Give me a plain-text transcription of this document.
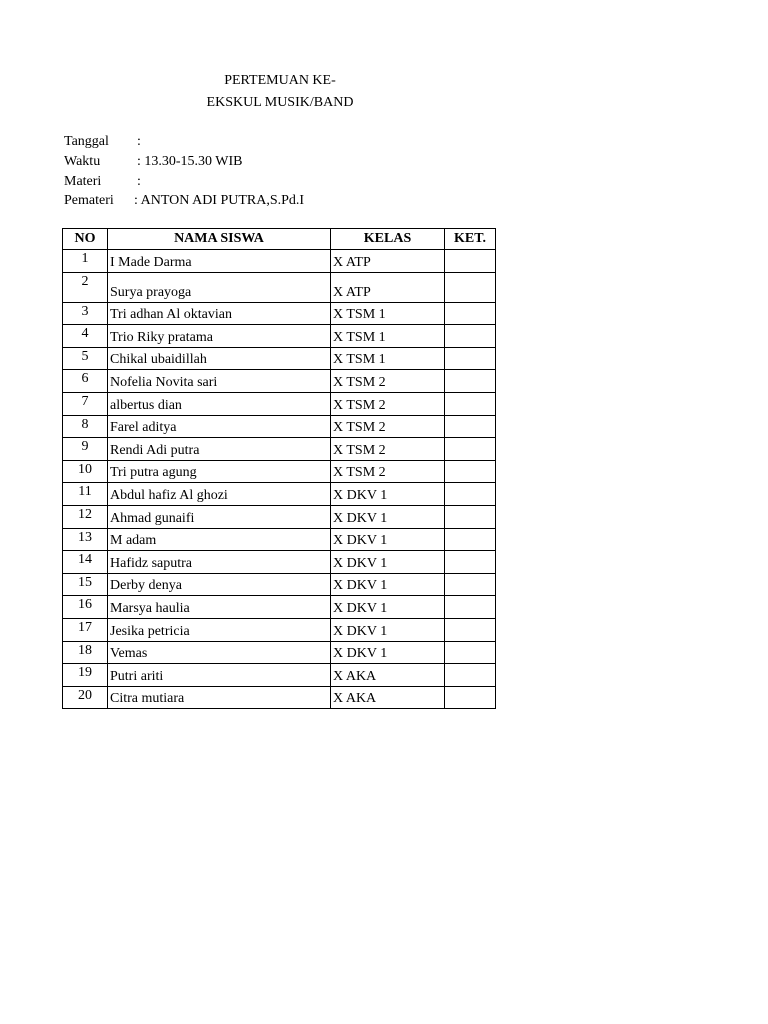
PERTEMUAN KE-
EKSKUL MUSIK/BAND
Tanggal :
Waktu	: 13.30-15.30 WIB
Materi	:
Pemateri : ANTON ADI PUTRA,S.Pd.I
NO	NAMA SISWA	KELAS	KET.
1	I Made Darma	X ATP	
2	Surya prayoga	X ATP	
3	Tri adhan Al oktavian	X TSM 1	
4	Trio Riky pratama	X TSM 1	
5	Chikal ubaidillah	X TSM 1	
6	Nofelia Novita sari	X TSM 2	
7	albertus dian	X TSM 2	
8	Farel aditya	X TSM 2	
9	Rendi Adi putra	X TSM 2	
10	Tri putra agung	X TSM 2	
11	Abdul hafiz Al ghozi	X DKV 1	
12	Ahmad gunaifi	X DKV 1	
13	M adam	X DKV 1	
14	Hafidz saputra	X DKV 1	
15	Derby denya	X DKV 1	
16	Marsya haulia	X DKV 1	
17	Jesika petricia	X DKV 1	
18	Vemas	X DKV 1	
19	Putri ariti	X AKA	
20	Citra mutiara	X AKA	
